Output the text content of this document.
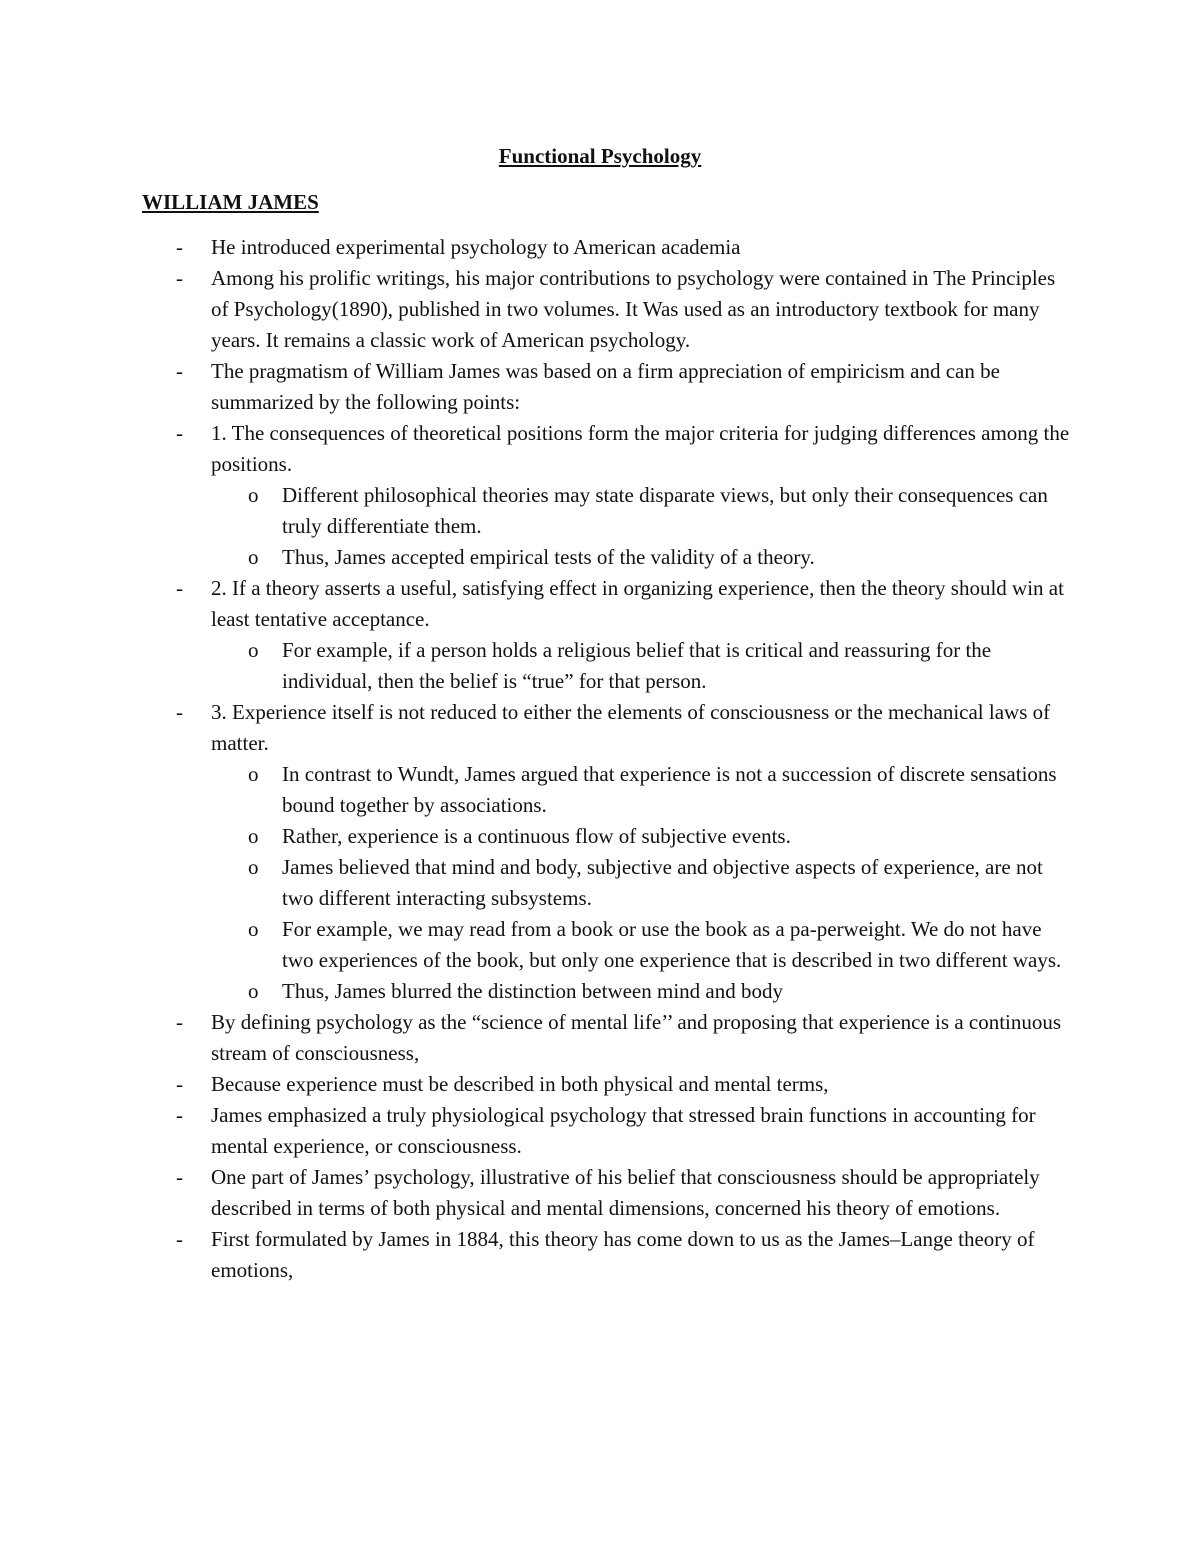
Functional Psychology
WILLIAM JAMES
- He introduced experimental psychology to American academia
- Among his prolific writings, his major contributions to psychology were contained in The Principles of Psychology(1890), published in two volumes. It Was used as an introductory textbook for many years. It remains a classic work of American psychology.
- The pragmatism of William James was based on a firm appreciation of empiricism and can be summarized by the following points:
- 1. The consequences of theoretical positions form the major criteria for judging differences among the positions.
o Different philosophical theories may state disparate views, but only their consequences can truly differentiate them.
o Thus, James accepted empirical tests of the validity of a theory.
- 2. If a theory asserts a useful, satisfying effect in organizing experience, then the theory should win at least tentative acceptance.
o For example, if a person holds a religious belief that is critical and reassuring for the individual, then the belief is “true” for that person.
- 3. Experience itself is not reduced to either the elements of consciousness or the mechanical laws of matter.
o In contrast to Wundt, James argued that experience is not a succession of discrete sensations bound together by associations.
o Rather, experience is a continuous flow of subjective events.
o James believed that mind and body, subjective and objective aspects of experience, are not two different interacting subsystems.
o For example, we may read from a book or use the book as a pa-perweight. We do not have two experiences of the book, but only one experience that is described in two different ways.
o Thus, James blurred the distinction between mind and body
- By defining psychology as the “science of mental life’’ and proposing that experience is a continuous stream of consciousness,
- Because experience must be described in both physical and mental terms,
- James emphasized a truly physiological psychology that stressed brain functions in accounting for mental experience, or consciousness.
- One part of James’ psychology, illustrative of his belief that consciousness should be appropriately described in terms of both physical and mental dimensions, concerned his theory of emotions.
- First formulated by James in 1884, this theory has come down to us as the James–Lange theory of emotions,
